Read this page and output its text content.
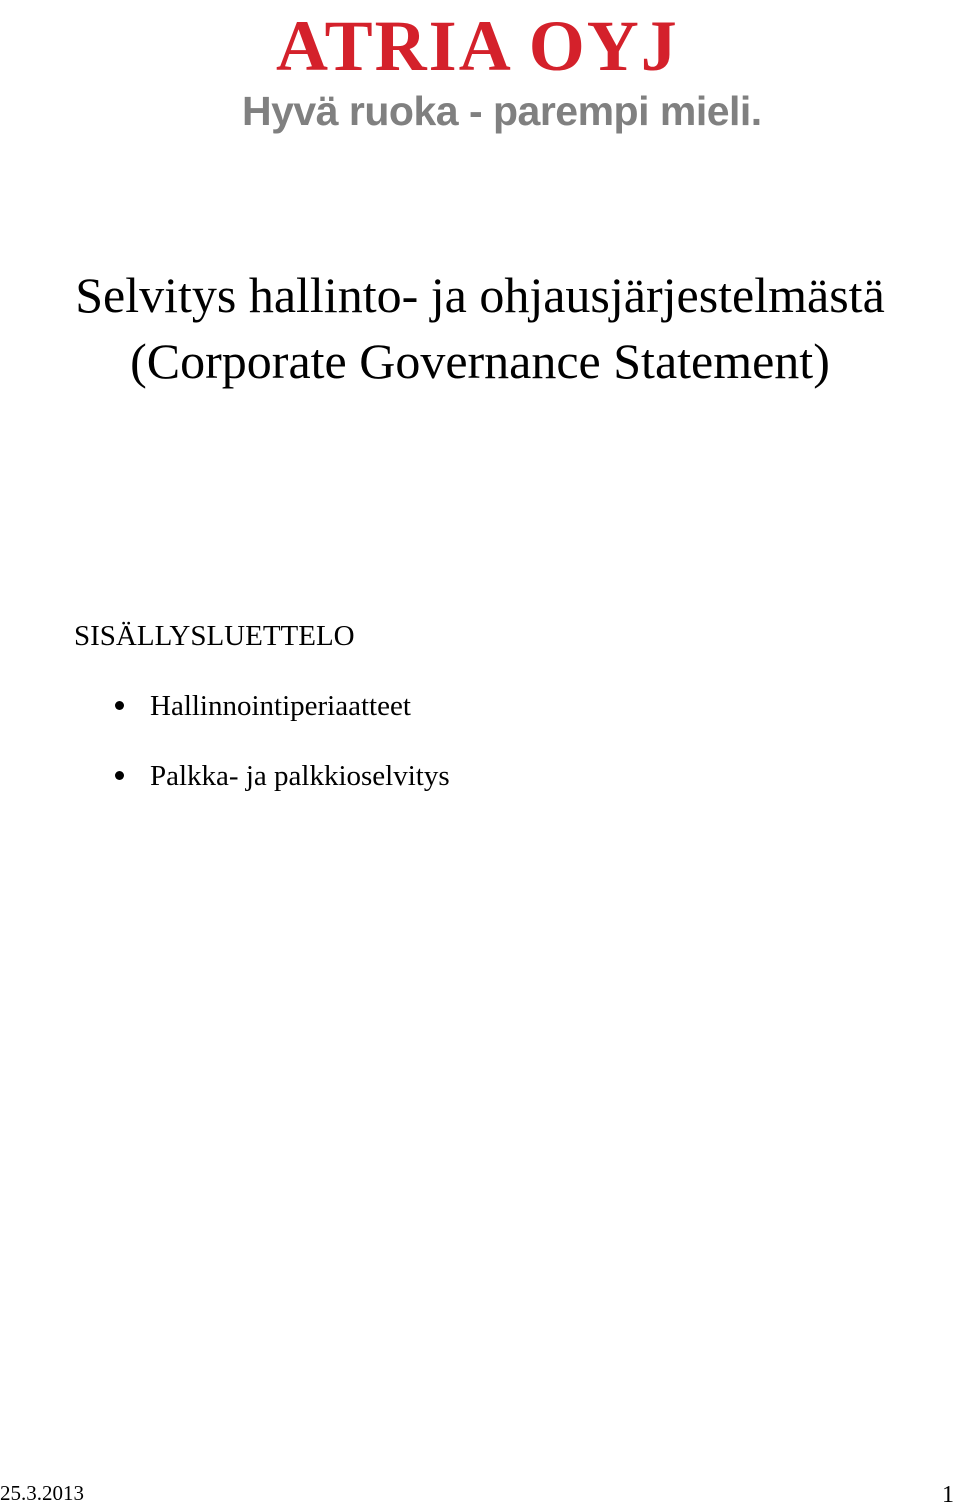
ATRIA OYJ
Hyvä ruoka - parempi mieli.
Selvitys hallinto- ja ohjausjärjestelmästä
(Corporate Governance Statement)
SISÄLLYSLUETTELO
Hallinnointiperiaatteet
Palkka- ja palkkioselvitys
25.3.2013	1
